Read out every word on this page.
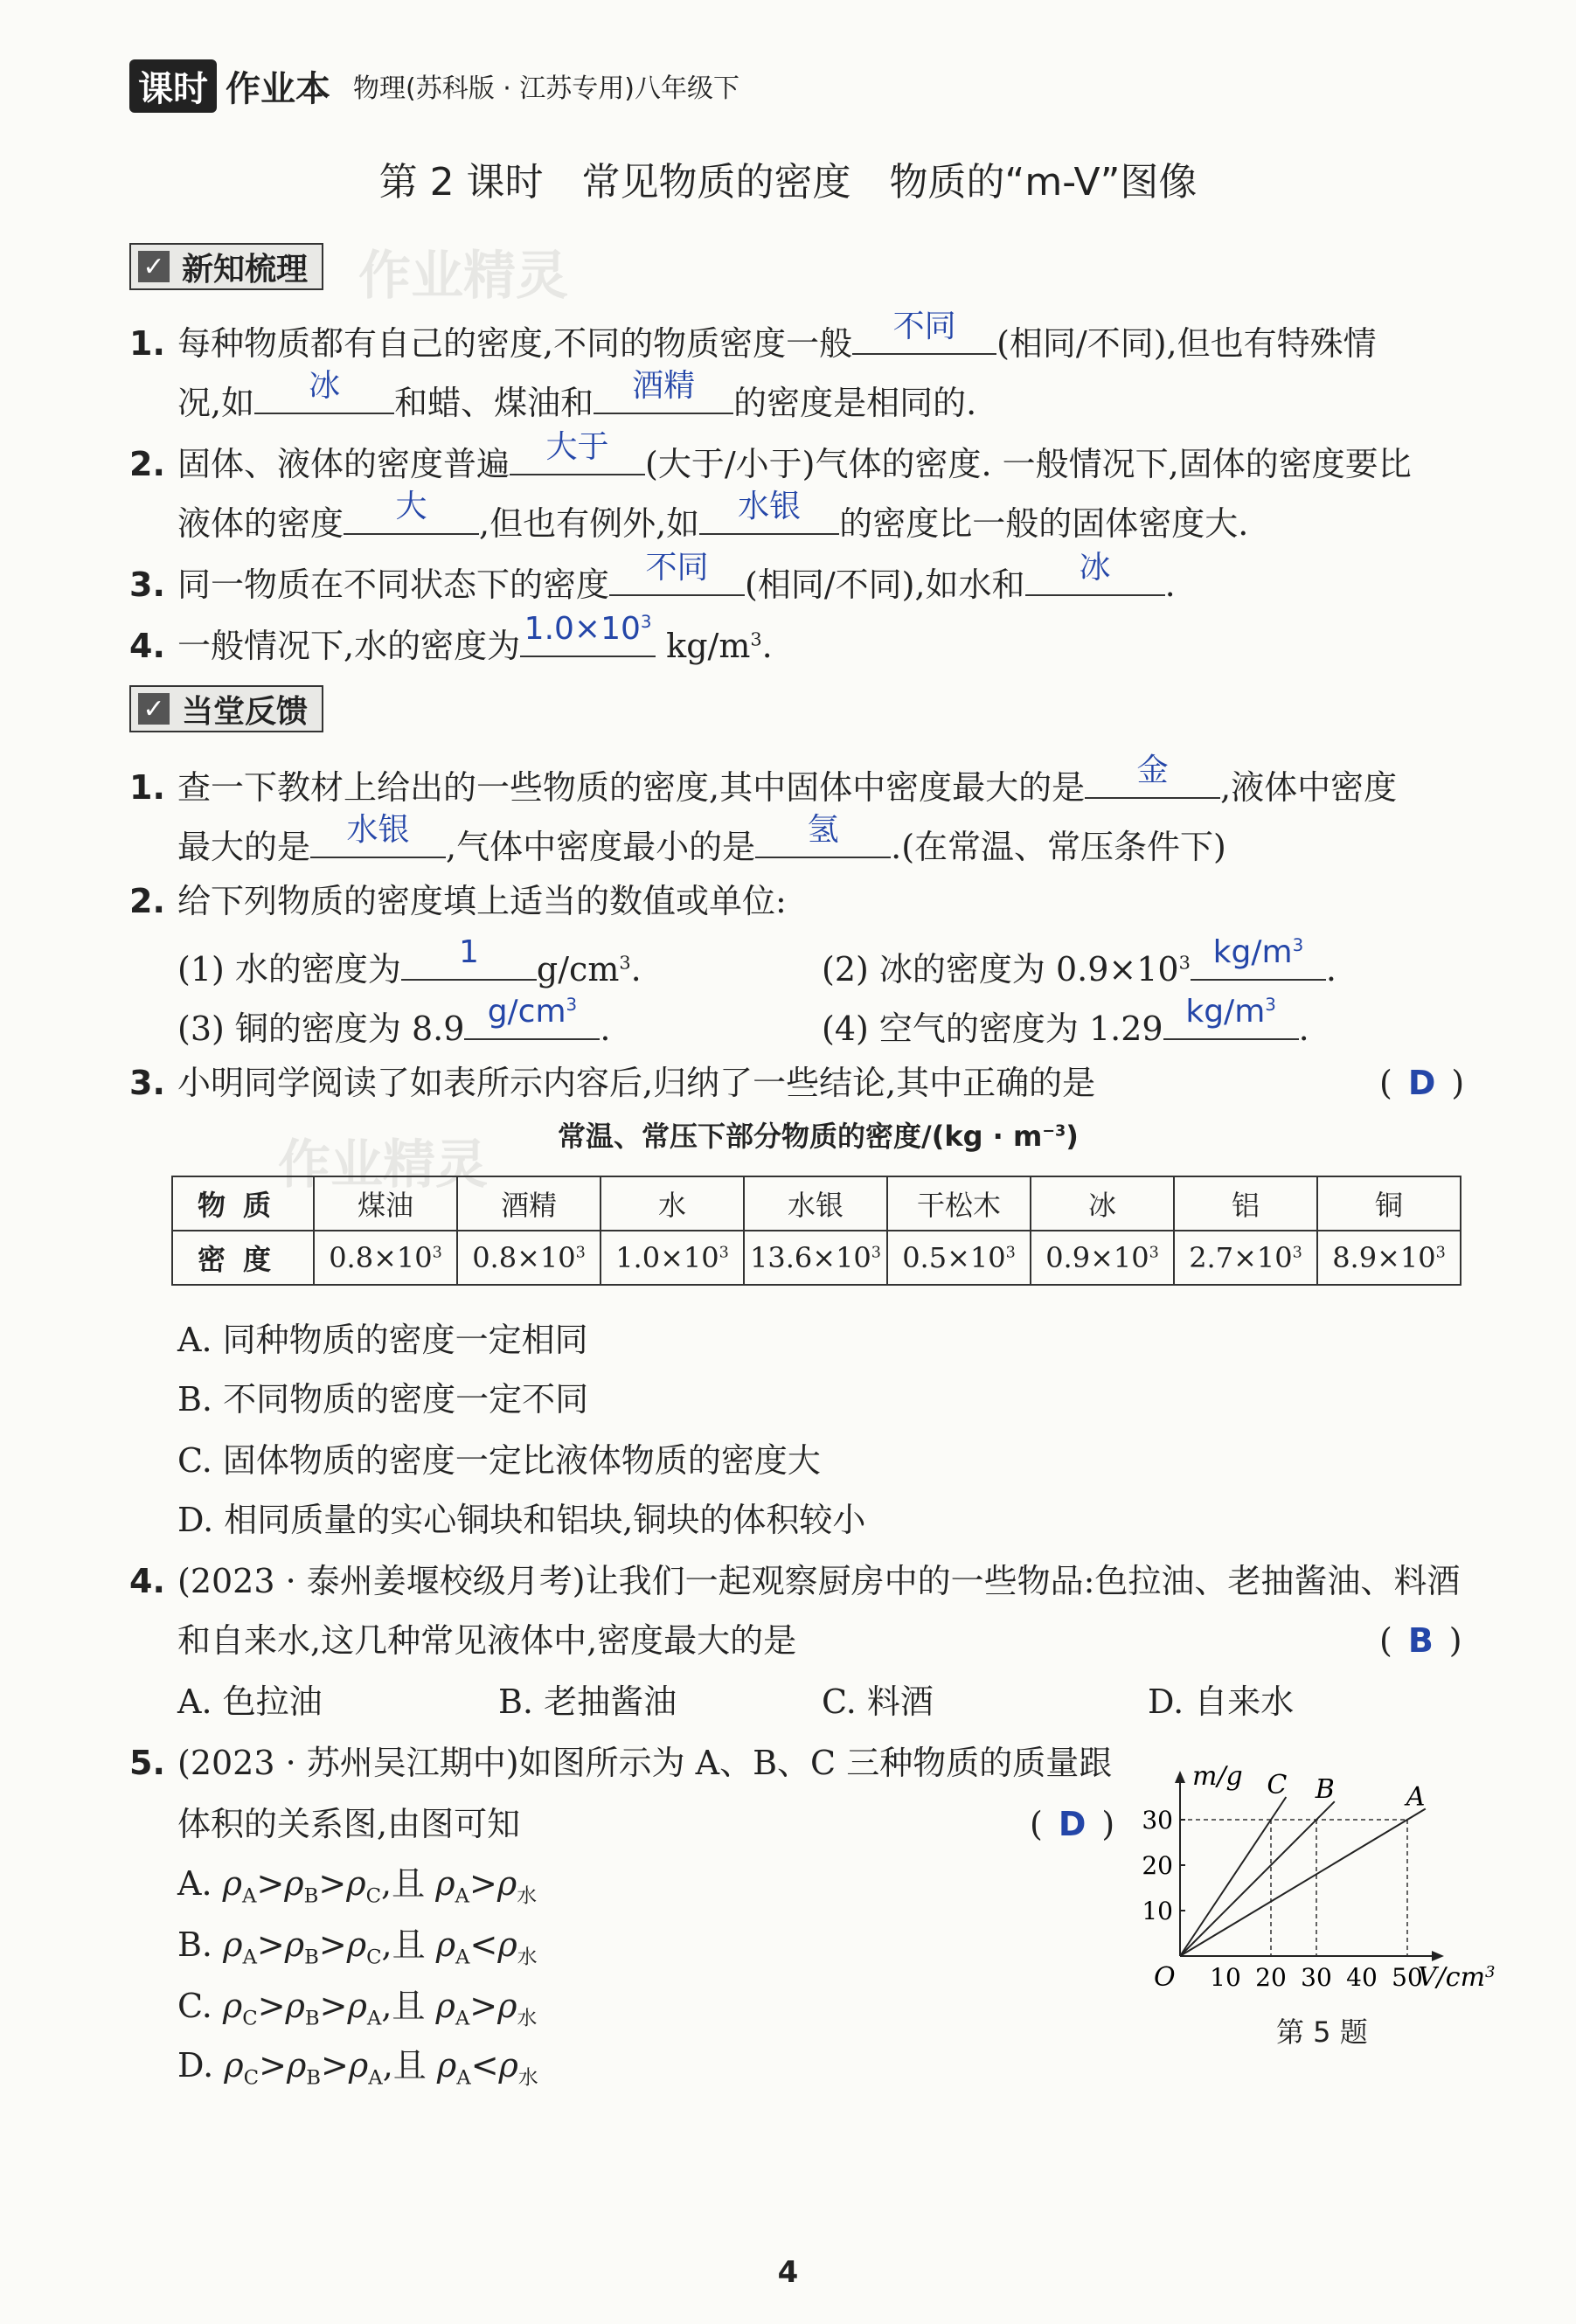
课时 作业本 物理(苏科版 · 江苏专用)八年级下
第 2 课时　常见物质的密度　物质的“m-V”图像
✓ 新知梳理 作业精灵
1. 每种物质都有自己的密度,不同的物质密度一般	不同	(相同/不同),但也有特殊情
况,如	冰	和蜡、煤油和	酒精	的密度是相同的.
2. 固体、液体的密度普遍	大于	(大于/小于)气体的密度. 一般情况下,固体的密度要比
液体的密度	大	,但也有例外,如	水银	的密度比一般的固体密度大.
3. 同一物质在不同状态下的密度	不同	(相同/不同),如水和	冰	.
4. 一般情况下,水的密度为 $1.0\times 10^3$
$kg/m^3$.
✓ 当堂反馈
1. 查一下教材上给出的一些物质的密度,其中固体中密度最大的是	金	,液体中密度
最大的是	水银	,气体中密度最小的是	氢	.(在常温、常压条件下)
2. 给下列物质的密度填上适当的数值或单位:
(1) 水的密度为	1	$g/cm^3$.	(2) 冰的密度为 $0.9\times 10^3$ $kg/m^3$
.
(3) 铜的密度为 8.9 $g/cm^3$
.	(4) 空气的密度为 1.29 $kg/m^3$
.
3. 小明同学阅读了如表所示内容后,归纳了一些结论,其中正确的是	( D )
常温、常压下部分物质的密度$/(kg \cdot m^{-3})$
作业精灵
物质	煤油	酒精	水	水银	干松木	冰	铝	铜
密度	$0.8\times 10^3$	$0.8\times 10^3$	$1.0\times 10^3$	$13.6\times 10^3$	$0.5\times 10^3$	$0.9\times 10^3$	$2.7\times 10^3$	$8.9\times 10^3$
A. 同种物质的密度一定相同
B. 不同物质的密度一定不同
C. 固体物质的密度一定比液体物质的密度大
D. 相同质量的实心铜块和铝块,铜块的体积较小
4. (2023 · 泰州姜堰校级月考)让我们一起观察厨房中的一些物品:色拉油、老抽酱油、料酒
和自来水,这几种常见液体中,密度最大的是	( B )
A. 色拉油	B. 老抽酱油	C. 料酒	D. 自来水
5. (2023 · 苏州吴江期中)如图所示为 A、B、C 三种物质的质量跟
体积的关系图,由图可知	( D )
A. $\rho_A>\rho_B>\rho_C$,且 $\rho_A>\rho_水$
B. $\rho_A>\rho_B>\rho_C$,且 $\rho_A<\rho_水$
C. $\rho_C>\rho_B>\rho_A$,且 $\rho_A>\rho_水$
D. $\rho_C>\rho_B>\rho_A$,且 $\rho_A<\rho_水$
A
B
C
10 20 30 40 50
10
20
30
m/g
$V/cm^3$
O
第 5 题
4
